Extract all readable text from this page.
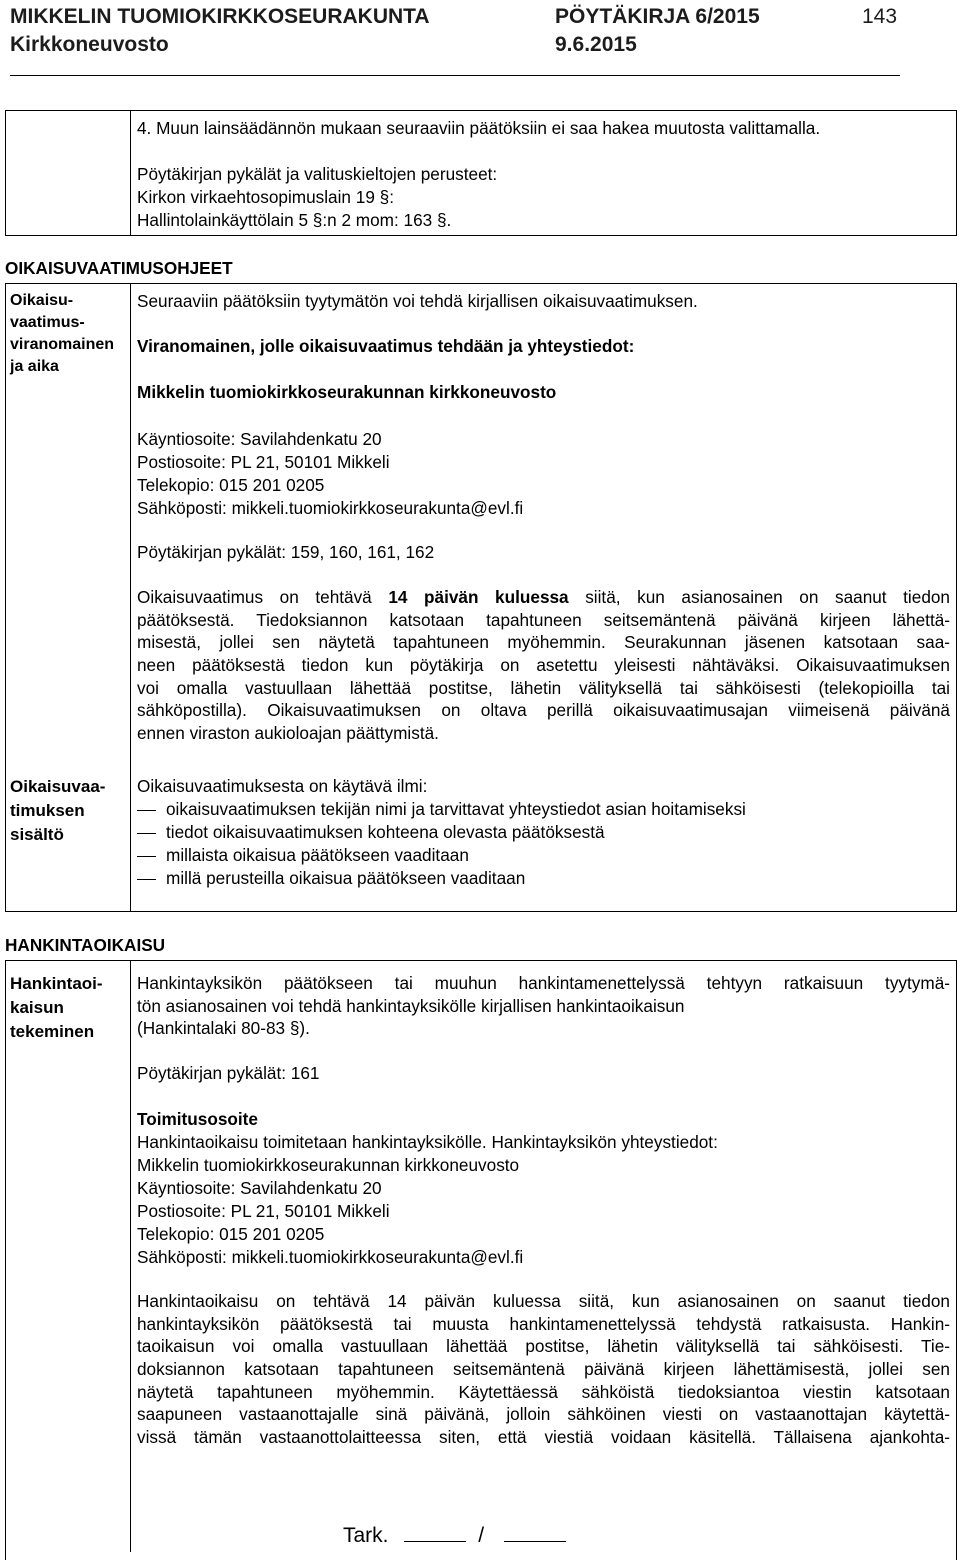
MIKKELIN TUOMIOKIRKKOSEURAKUNTA	PÖYTÄKIRJA 6/2015	143
Kirkkoneuvosto	9.6.2015
4. Muun lainsäädännön mukaan seuraaviin päätöksiin ei saa hakea muutosta valittamalla.
Pöytäkirjan pykälät ja valituskieltojen perusteet:
Kirkon virkaehtosopimuslain 19 §:
Hallintolainkäyttölain 5 §:n 2 mom: 163 §.
OIKAISUVAATIMUSOHJEET
Oikaisu-
vaatimus-
viranomainen
ja aika
Seuraaviin päätöksiin tyytymätön voi tehdä kirjallisen oikaisuvaatimuksen.
Viranomainen, jolle oikaisuvaatimus tehdään ja yhteystiedot:
Mikkelin tuomiokirkkoseurakunnan kirkkoneuvosto
Käyntiosoite: Savilahdenkatu 20
Postiosoite: PL 21, 50101 Mikkeli
Telekopio: 015 201 0205
Sähköposti: mikkeli.tuomiokirkkoseurakunta@evl.fi
Pöytäkirjan pykälät: 159, 160, 161, 162
Oikaisuvaatimus on tehtävä 14 päivän kuluessa siitä, kun asianosainen on saanut tiedon
päätöksestä. Tiedoksiannon katsotaan tapahtuneen seitsemäntenä päivänä kirjeen lähettä-
misestä, jollei sen näytetä tapahtuneen myöhemmin. Seurakunnan jäsenen katsotaan saa-
neen päätöksestä tiedon kun pöytäkirja on asetettu yleisesti nähtäväksi. Oikaisuvaatimuksen
voi omalla vastuullaan lähettää postitse, lähetin välityksellä tai sähköisesti (telekopioilla tai
sähköpostilla). Oikaisuvaatimuksen on oltava perillä oikaisuvaatimusajan viimeisenä päivänä
ennen viraston aukioloajan päättymistä.
Oikaisuvaa-
timuksen
sisältö
Oikaisuvaatimuksesta on käytävä ilmi:
oikaisuvaatimuksen tekijän nimi ja tarvittavat yhteystiedot asian hoitamiseksi
tiedot oikaisuvaatimuksen kohteena olevasta päätöksestä
millaista oikaisua päätökseen vaaditaan
millä perusteilla oikaisua päätökseen vaaditaan
HANKINTAOIKAISU
Hankintaoi-
kaisun
tekeminen
Hankintayksikön päätökseen tai muuhun hankintamenettelyssä tehtyyn ratkaisuun tyytymä-
tön asianosainen voi tehdä hankintayksikölle kirjallisen hankintaoikaisun
(Hankintalaki 80-83 §).
Pöytäkirjan pykälät: 161
Toimitusosoite
Hankintaoikaisu toimitetaan hankintayksikölle. Hankintayksikön yhteystiedot:
Mikkelin tuomiokirkkoseurakunnan kirkkoneuvosto
Käyntiosoite: Savilahdenkatu 20
Postiosoite: PL 21, 50101 Mikkeli
Telekopio: 015 201 0205
Sähköposti: mikkeli.tuomiokirkkoseurakunta@evl.fi
Hankintaoikaisu on tehtävä 14 päivän kuluessa siitä, kun asianosainen on saanut tiedon
hankintayksikön päätöksestä tai muusta hankintamenettelyssä tehdystä ratkaisusta. Hankin-
taoikaisun voi omalla vastuullaan lähettää postitse, lähetin välityksellä tai sähköisesti. Tie-
doksiannon katsotaan tapahtuneen seitsemäntenä päivänä kirjeen lähettämisestä, jollei sen
näytetä tapahtuneen myöhemmin. Käytettäessä sähköistä tiedoksiantoa viestin katsotaan
saapuneen vastaanottajalle sinä päivänä, jolloin sähköinen viesti on vastaanottajan käytettä-
vissä tämän vastaanottolaitteessa siten, että viestiä voidaan käsitellä. Tällaisena ajankohta-
Tark.	/
